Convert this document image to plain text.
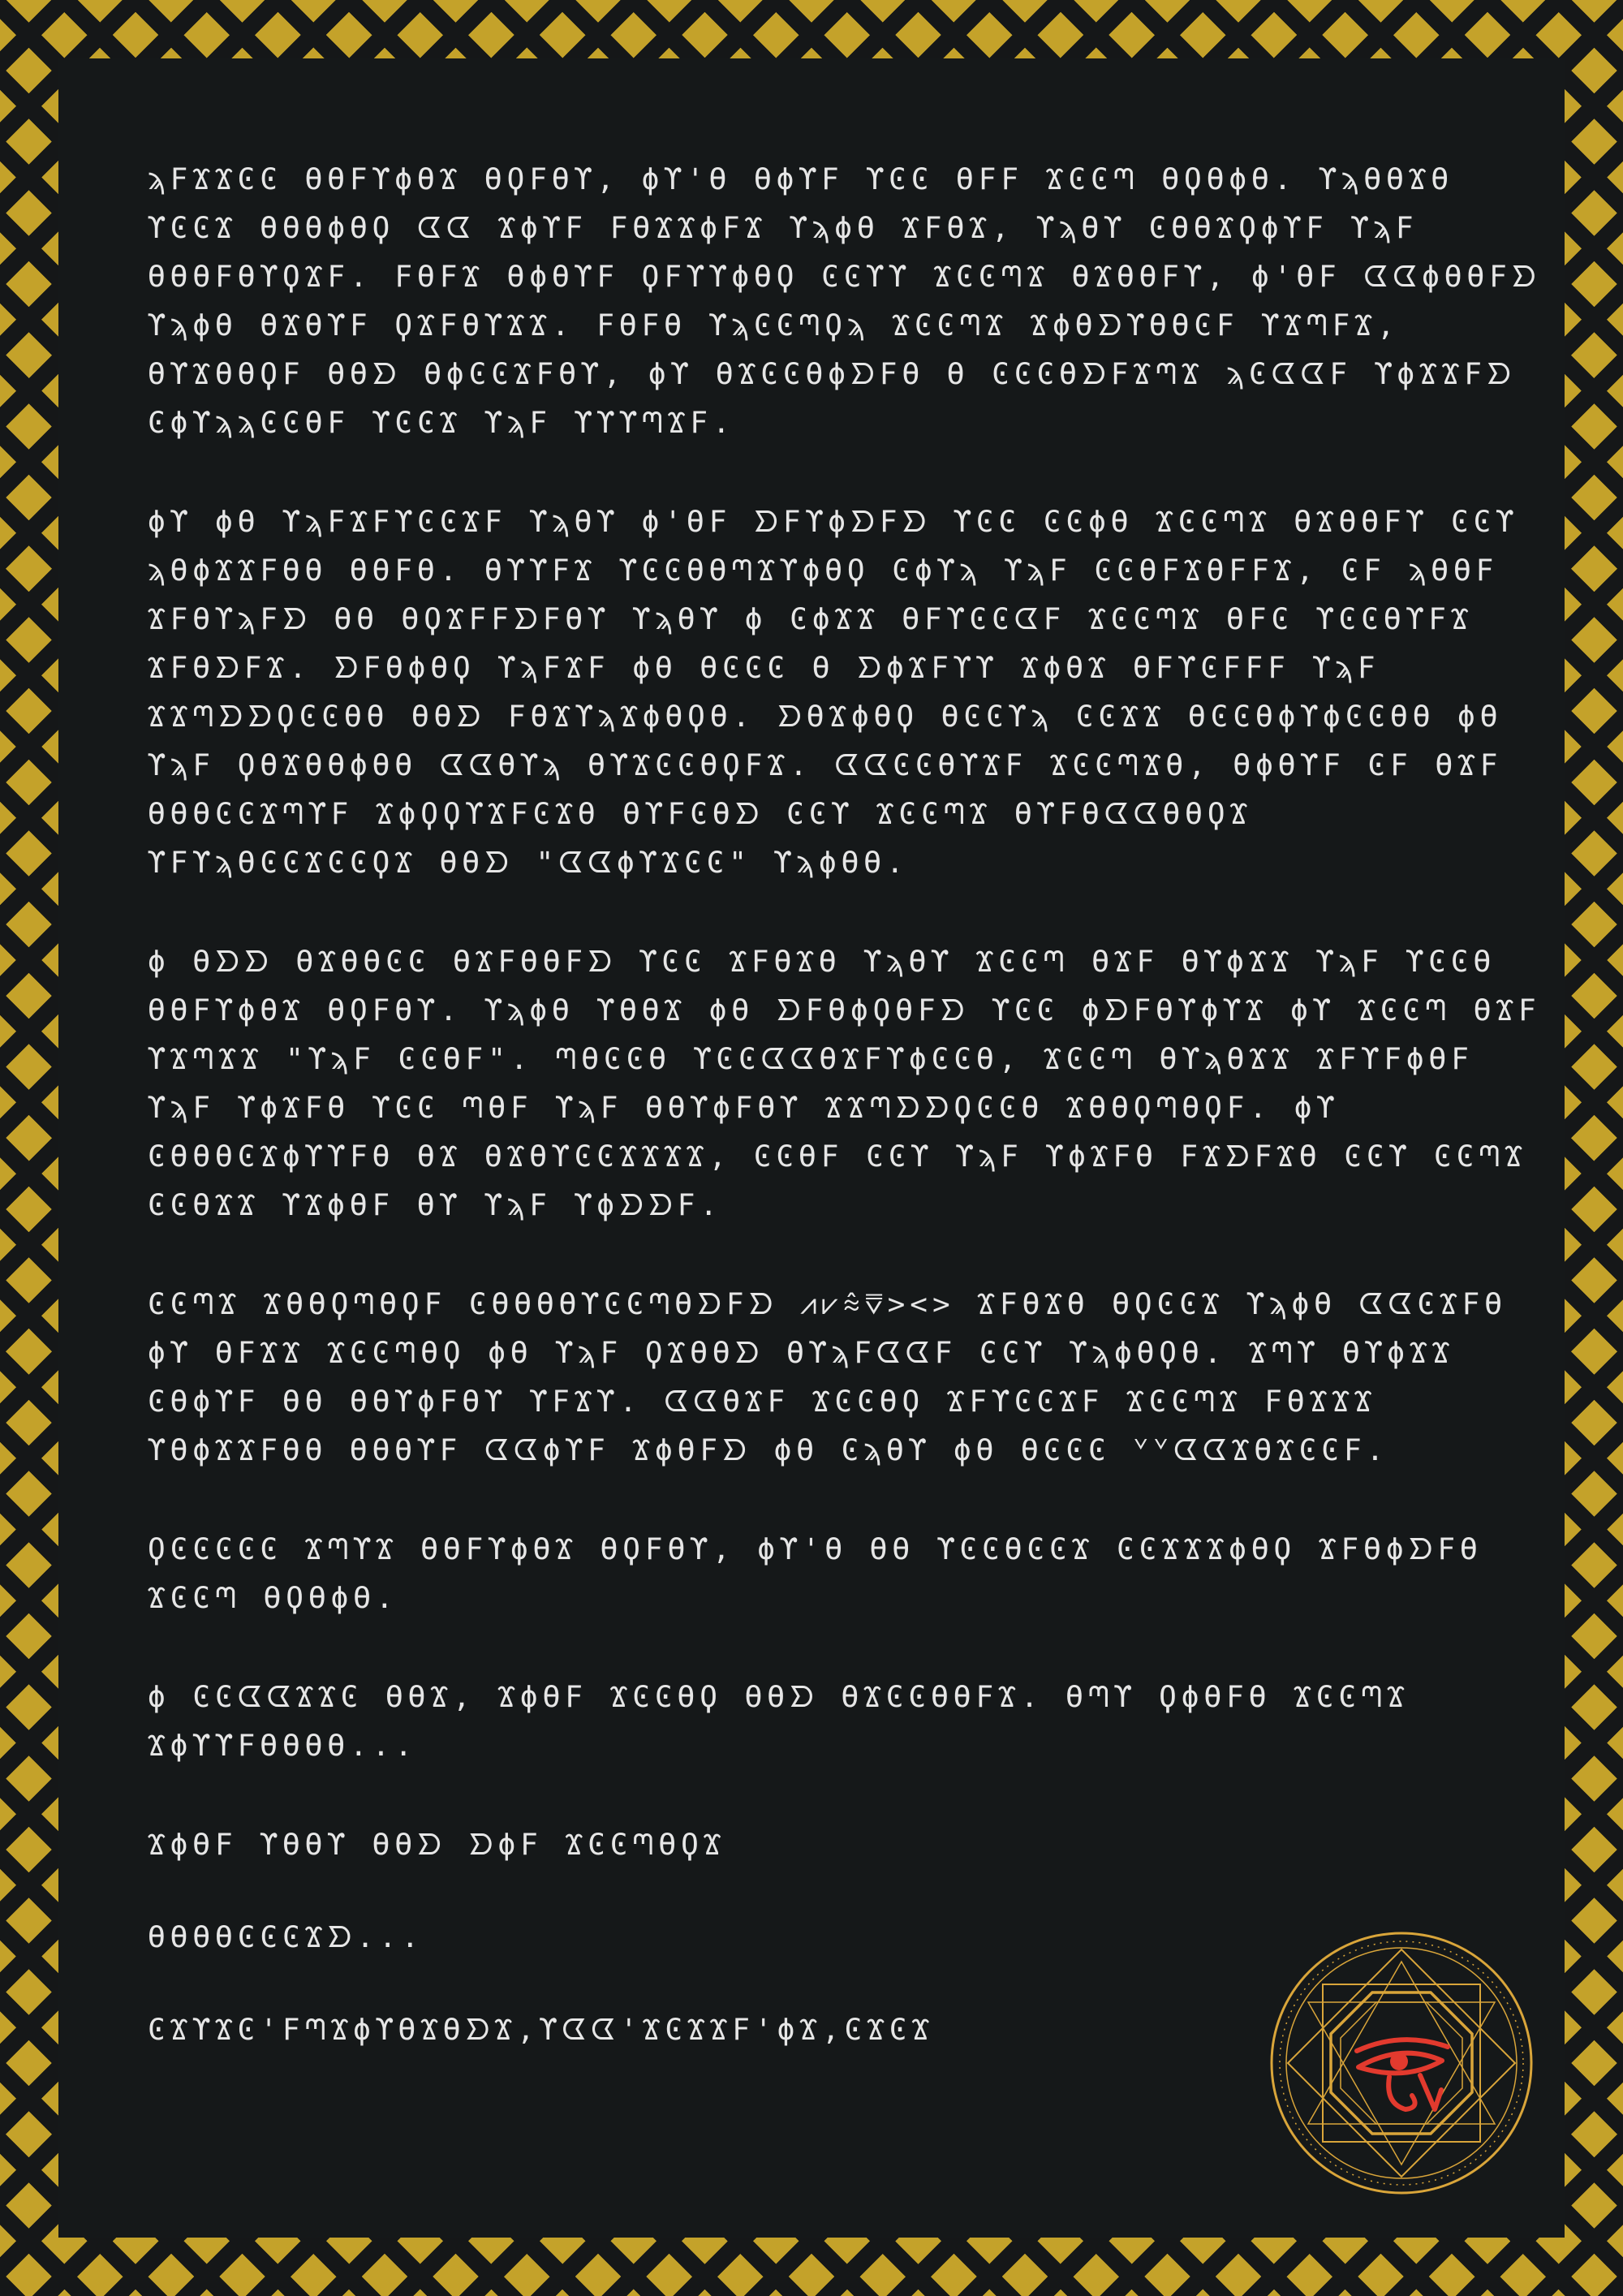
ϡϜϪϪϾϾ ϴϴϜϒϕϴϪ ϴϘϜϴϒ, ϕϒ'ϴ ϴϕϒϜ ϒϾϾ ϴϜϜ ϪϾϾᘉ ϴϘϴϕϴ. ϒϡϴϴϪϴ ϒϾϾϪ ϴϴϴϕϴϘ ᗧᗧ ϪϕϒϜ ϜϴϪϪϕϜϪ ϒϡϕϴ ϪϜϴϪ, ϒϡϴϒ ϾϴϴϪϘϕϒϜ ϒϡϜ ϴϴϴϜϴϒϘϪϜ. ϜϴϜϪ ϴϕϴϒϜ ϘϜϒϒϕϴϘ ϾϾϒϒ ϪϾϾᘉϪ ϴϪϴϴϜϒ, ϕ'ϴϜ ᗧᗧϕϴϴϜᗤ ϒϡϕϴ ϴϪϴϒϜ ϘϪϜϴϒϪϪ. ϜϴϜϴ ϒϡϾϾᘉϘϡ ϪϾϾᘉϪ ϪϕϴᗤϒϴϴϾϜ ϒϪᘉϜϪ, ϴϒϪϴϴϘϜ ϴϴᗤ ϴϕϾϾϪϜϴϒ, ϕϒ ϴϪϾϾϴϕᗤϜϴ ϴ ϾϾϾϴᗤϜϪᘉϪ ϡϾᗧᗧϜ ϒϕϪϪϜᗤ ϾϕϒϡϡϾϾϴϜ ϒϾϾϪ ϒϡϜ ϒϒϒᘉϪϜ.

ϕϒ ϕϴ ϒϡϜϪϜϒϾϾϪϜ ϒϡϴϒ ϕ'ϴϜ ᗤϜϒϕᗤϜᗤ ϒϾϾ ϾϾϕϴ ϪϾϾᘉϪ ϴϪϴϴϜϒ ϾϾϒ ϡϴϕϪϪϜϴϴ ϴϴϜϴ. ϴϒϒϜϪ ϒϾϾϴϴᘉϪϒϕϴϘ Ͼϕϒϡ ϒϡϜ ϾϾϴϜϪϴϜϜϪ, ϾϜ ϡϴϴϜ ϪϜϴϒϡϜᗤ ϴϴ ϴϘϪϜϜᗤϜϴϒ ϒϡϴϒ ϕ ϾϕϪϪ ϴϜϒϾϾᗧϜ ϪϾϾᘉϪ ϴϜϾ ϒϾϾϴϒϜϪ ϪϜϴᗤϜϪ. ᗤϜϴϕϴϘ ϒϡϜϪϜ ϕϴ ϴϾϾϾ ϴ ᗤϕϪϜϒϒ ϪϕϴϪ ϴϜϒϾϜϜϜ ϒϡϜ ϪϪᘉᗤᗤϘϾϾϴϴ ϴϴᗤ ϜϴϪϒϡϪϕϴϘϴ. ᗤϴϪϕϴϘ ϴϾϾϒϡ ϾϾϪϪ ϴϾϾϴϕϒϕϾϾϴϴ ϕϴ ϒϡϜ ϘϴϪϴϴϕϴϴ ᗧᗧϴϒϡ ϴϒϪϾϾϴϘϜϪ. ᗧᗧϾϾϴϒϪϜ ϪϾϾᘉϪϴ, ϴϕϴϒϜ ϾϜ ϴϪϜ ϴϴϴϾϾϪᘉϒϜ ϪϕϘϘϒϪϜϾϪϴ ϴϒϜϾϴᗤ ϾϾϒ ϪϾϾᘉϪ ϴϒϜϴᗧᗧϴϴϘϪ ϒϜϒϡϴϾϾϪϾϾϘϪ ϴϴᗤ "ᗧᗧϕϒϪϾϾ" ϒϡϕϴϴ.

ϕ ϴᗤᗤ ϴϪϴϴϾϾ ϴϪϜϴϴϜᗤ ϒϾϾ ϪϜϴϪϴ ϒϡϴϒ ϪϾϾᘉ ϴϪϜ ϴϒϕϪϪ ϒϡϜ ϒϾϾϴ ϴϴϜϒϕϴϪ ϴϘϜϴϒ. ϒϡϕϴ ϒϴϴϪ ϕϴ ᗤϜϴϕϘϴϜᗤ ϒϾϾ ϕᗤϜϴϒϕϒϪ ϕϒ ϪϾϾᘉ ϴϪϜ ϒϪᘉϪϪ "ϒϡϜ ϾϾϴϜ". ᘉϴϾϾϴ ϒϾϾᗧᗧϴϪϜϒϕϾϾϴ, ϪϾϾᘉ ϴϒϡϴϪϪ ϪϜϒϜϕϴϜ ϒϡϜ ϒϕϪϜϴ ϒϾϾ ᘉϴϜ ϒϡϜ ϴϴϒϕϜϴϒ ϪϪᘉᗤᗤϘϾϾϴ ϪϴϴϘᘉϴϘϜ. ϕϒ ϾϴϴϴϾϪϕϒϒϜϴ ϴϪ ϴϪϴϒϾϾϪϪϪϪ, ϾϾϴϜ ϾϾϒ ϒϡϜ ϒϕϪϜϴ ϜϪᗤϜϪϴ ϾϾϒ ϾϾᘉϪ ϾϾϴϪϪ ϒϪϕϴϜ ϴϒ ϒϡϜ ϒϕᗤᗤϜ.

ϾϾᘉϪ ϪϴϴϘᘉϴϘϜ ϾϴϴϴϴϒϾϾᘉϴᗤϜᗤ ⩘⩗⩯⩢><> ϪϜϴϪϴ ϴϘϾϾϪ ϒϡϕϴ ᗧᗧϾϪϜϴ ϕϒ ϴϜϪϪ ϪϾϾᘉϴϘ ϕϴ ϒϡϜ ϘϪϴϴᗤ ϴϒϡϜᗧᗧϜ ϾϾϒ ϒϡϕϴϘϴ. Ϫᘉϒ ϴϒϕϪϪ ϾϴϕϒϜ ϴϴ ϴϴϒϕϜϴϒ ϒϜϪϒ. ᗧᗧϴϪϜ ϪϾϾϴϘ ϪϜϒϾϾϪϜ ϪϾϾᘉϪ ϜϴϪϪϪ ϒϴϕϪϪϜϴϴ ϴϴϴϒϜ ᗧᗧϕϒϜ ϪϕϴϜᗤ ϕϴ Ͼϡϴϒ ϕϴ ϴϾϾϾ ᘁᘁᗧᗧϪϴϪϾϾϜ.

ϘϾϾϾϾϾ ϪᘉϒϪ ϴϴϜϒϕϴϪ ϴϘϜϴϒ, ϕϒ'ϴ ϴϴ ϒϾϾϴϾϾϪ ϾϾϪϪϪϕϴϘ ϪϜϴϕᗤϜϴ ϪϾϾᘉ ϴϘϴϕϴ.

ϕ ϾϾᗧᗧϪϪϾ ϴϴϪ, ϪϕϴϜ ϪϾϾϴϘ ϴϴᗤ ϴϪϾϾϴϴϜϪ. ϴᘉϒ ϘϕϴϜϴ ϪϾϾᘉϪ ϪϕϒϒϜϴϴϴϴ...

ϪϕϴϜ ϒϴϴϒ ϴϴᗤ ᗤϕϜ ϪϾϾᘉϴϘϪ

ϴϴϴϴϾϾϾϪᗤ...

ϾϪϒϪϾ'ϜᘉϪϕϒϴϪϴᗤϪ,ϒᗧᗧ'ϪϾϪϪϜ'ϕϪ,ϾϪϾϪ
